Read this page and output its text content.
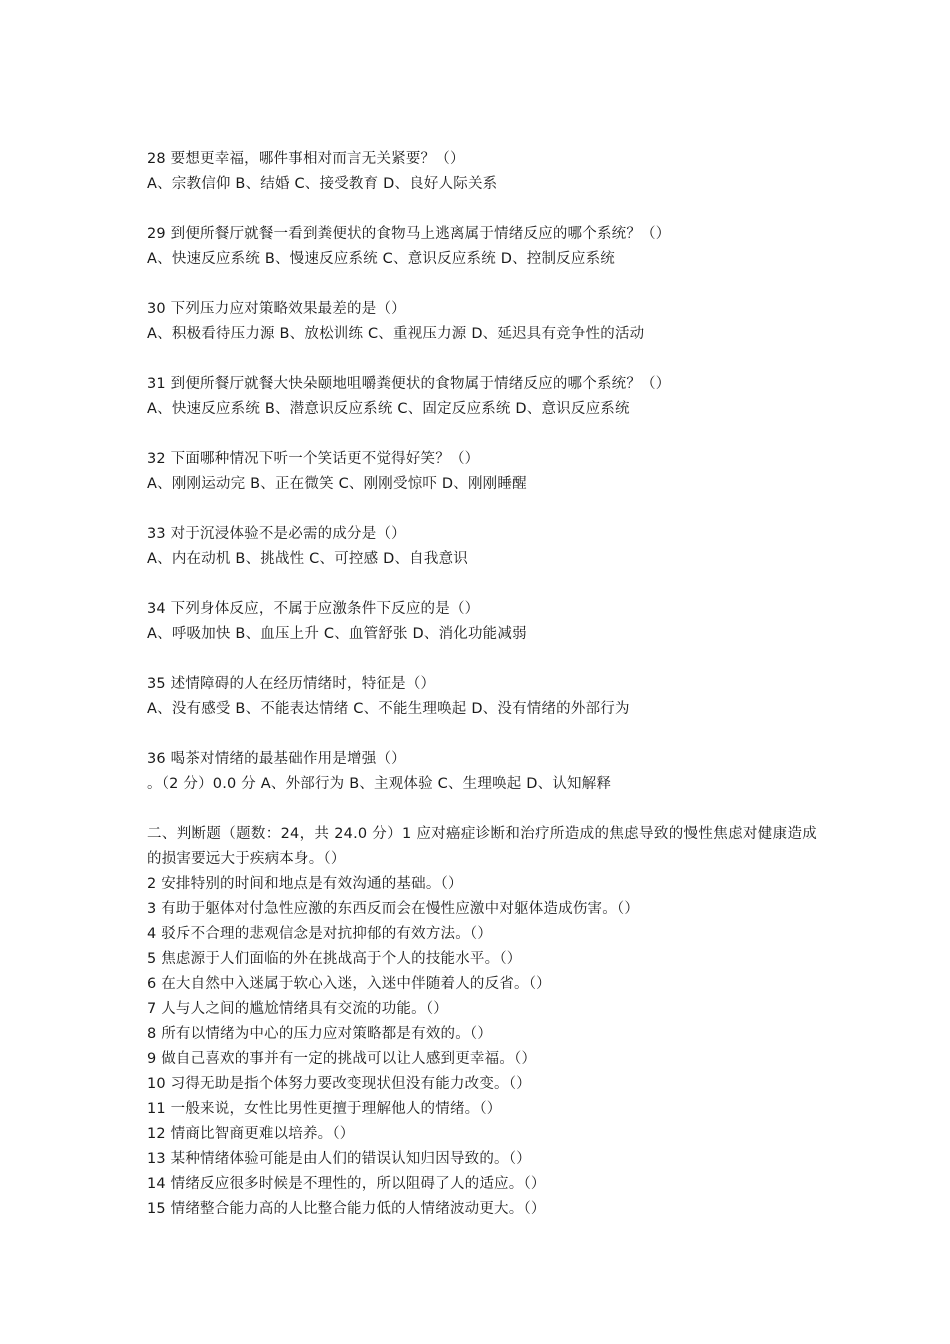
28 要想更幸福，哪件事相对而言无关紧要？（）
A、宗教信仰 B、结婚 C、接受教育 D、良好人际关系
29 到便所餐厅就餐一看到粪便状的食物马上逃离属于情绪反应的哪个系统？（）
A、快速反应系统 B、慢速反应系统 C、意识反应系统 D、控制反应系统
30 下列压力应对策略效果最差的是（）
A、积极看待压力源 B、放松训练 C、重视压力源 D、延迟具有竞争性的活动
31 到便所餐厅就餐大快朵颐地咀嚼粪便状的食物属于情绪反应的哪个系统？（）
A、快速反应系统 B、潜意识反应系统 C、固定反应系统 D、意识反应系统
32 下面哪种情况下听一个笑话更不觉得好笑？（）
A、刚刚运动完 B、正在微笑 C、刚刚受惊吓 D、刚刚睡醒
33 对于沉浸体验不是必需的成分是（）
A、内在动机 B、挑战性 C、可控感 D、自我意识
34 下列身体反应，不属于应激条件下反应的是（）
A、呼吸加快 B、血压上升 C、血管舒张 D、消化功能减弱
35 述情障碍的人在经历情绪时，特征是（）
A、没有感受 B、不能表达情绪 C、不能生理唤起 D、没有情绪的外部行为
36 喝茶对情绪的最基础作用是增强（）
。（2 分）0.0 分 A、外部行为 B、主观体验 C、生理唤起 D、认知解释
二、判断题（题数：24，共 24.0 分）1 应对癌症诊断和治疗所造成的焦虑导致的慢性焦虑对健康造成的损害要远大于疾病本身。（）
2 安排特别的时间和地点是有效沟通的基础。（）
3 有助于躯体对付急性应激的东西反而会在慢性应激中对躯体造成伤害。（）
4 驳斥不合理的悲观信念是对抗抑郁的有效方法。（）
5 焦虑源于人们面临的外在挑战高于个人的技能水平。（）
6 在大自然中入迷属于软心入迷，入迷中伴随着人的反省。（）
7 人与人之间的尴尬情绪具有交流的功能。（）
8 所有以情绪为中心的压力应对策略都是有效的。（）
9 做自己喜欢的事并有一定的挑战可以让人感到更幸福。（）
10 习得无助是指个体努力要改变现状但没有能力改变。（）
11 一般来说，女性比男性更擅于理解他人的情绪。（）
12 情商比智商更难以培养。（）
13 某种情绪体验可能是由人们的错误认知归因导致的。（）
14 情绪反应很多时候是不理性的，所以阻碍了人的适应。（）
15 情绪整合能力高的人比整合能力低的人情绪波动更大。（）
